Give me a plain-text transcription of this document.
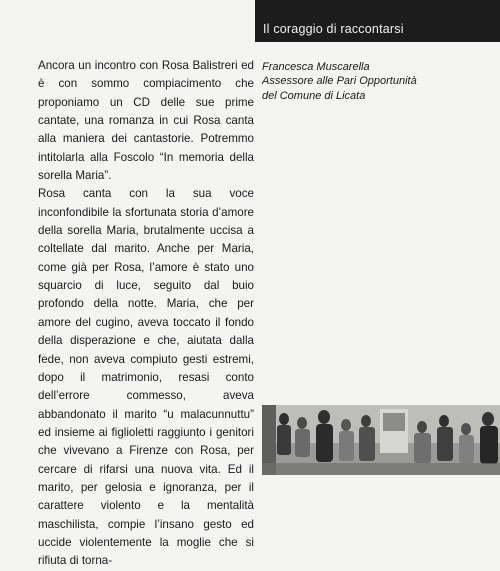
Il coraggio di raccontarsi

Ancora un incontro con Rosa Balistreri ed è con sommo compiacimento che proponiamo un CD delle sue prime cantate, una romanza in cui Rosa canta alla maniera dei cantastorie. Potremmo intitolarla alla Foscolo “In memoria della sorella Maria”.

Rosa canta con la sua voce inconfondibile la sfortunata storia d’amore della sorella Maria, brutalmente uccisa a coltellate dal marito. Anche per Maria, come già per Rosa, l’amore è stato uno squarcio di luce, seguito dal buio profondo della notte. Maria, che per amore del cugino, aveva toccato il fondo della disperazione e che, aiutata dalla fede, non aveva compiuto gesti estremi, dopo il matrimonio, resasi conto dell’errore commesso, aveva abbandonato il marito “u malacunnuttu” ed insieme ai figlioletti raggiunto i genitori che vivevano a Firenze con Rosa, per cercare di rifarsi una nuova vita. Ed il marito, per gelosia e ignoranza, per il carattere violento e la mentalità maschilista, compie l’insano gesto ed uccide violentemente la moglie che si rifiuta di torna-

Francesca Muscarella
Assessore alle Pari Opportunità
del Comune di Licata
